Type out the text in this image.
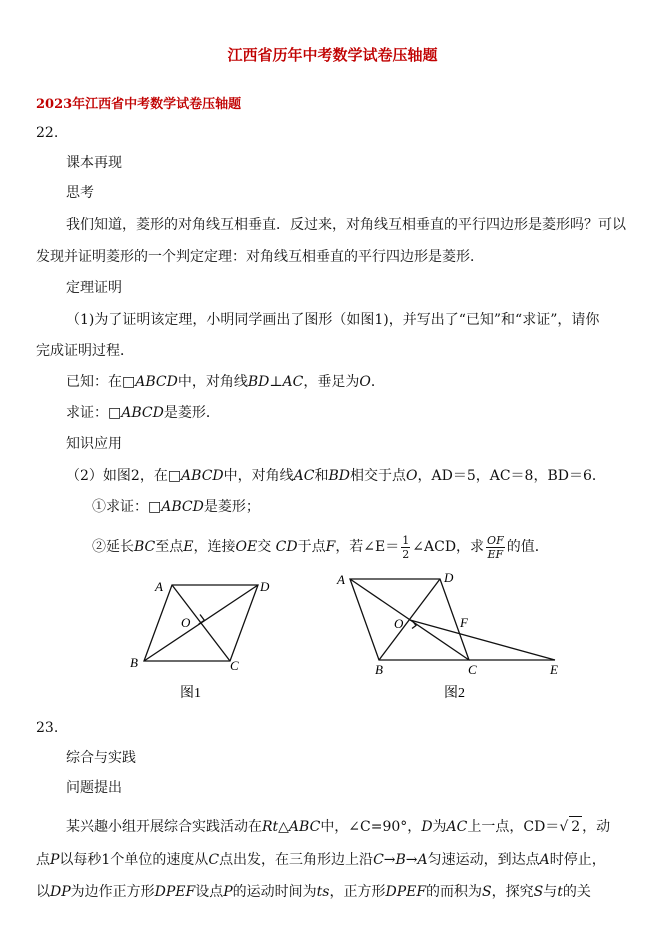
江西省历年中考数学试卷压轴题
2023年江西省中考数学试卷压轴题
22.
课本再现
思考
我们知道，菱形的对角线互相垂直．反过来，对角线互相垂直的平行四边形是菱形吗？可以
发现并证明菱形的一个判定定理：对角线互相垂直的平行四边形是菱形．
定理证明
（1)为了证明该定理，小明同学画出了图形（如图1)，并写出了“已知”和“求证”，请你
完成证明过程．
已知：在□ABCD中，对角线BD⊥AC，垂足为O．
求证：□ABCD是菱形．
知识应用
（2）如图2，在□ABCD中，对角线AC和BD相交于点O，AD＝5，AC＝8，BD＝6．
①求证：□ABCD是菱形；
②延长BC至点E，连接OE交 CD于点F，若∠E＝ $\frac{1}{2}$ ∠ACD，求 $\frac{OF}{EF}$ 的值．
A	D
O
B	C
图1
A	D
O	F
B	C	E
图2
23.
综合与实践
问题提出
某兴趣小组开展综合实践活动在Rt△ABC中，∠C=90°，D为AC上一点，CD＝√ 2 ，动
点P以每秒1个单位的速度从C点出发，在三角形边上沿C→B→A匀速运动，到达点A时停止，
以DP为边作正方形DPEF设点P的运动时间为ts，正方形DPEF的而积为S，探究S与t的关
